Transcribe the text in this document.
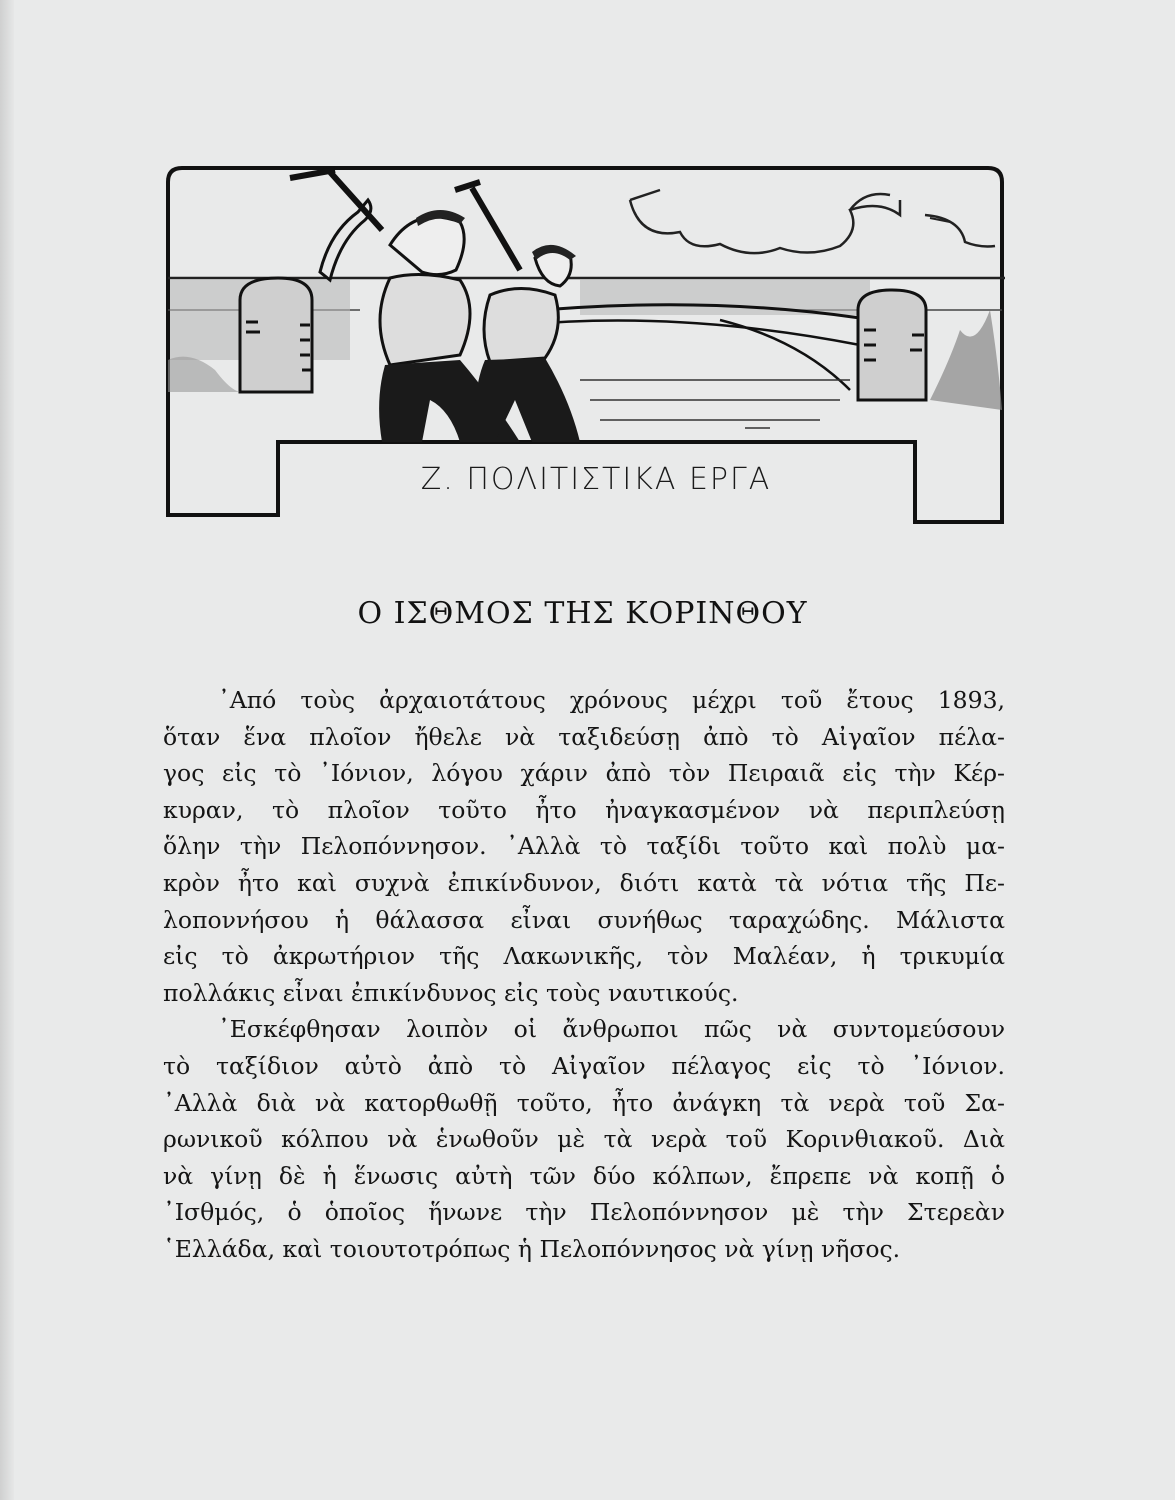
Ζ. ΠΟΛΙΤΙΣΤΙΚΑ ΕΡΓΑ
Ο ΙΣΘΜΟΣ ΤΗΣ ΚΟΡΙΝΘΟΥ
᾿Από τοὺς ἀρχαιοτάτους χρόνους μέχρι τοῦ ἔτους 1893,
ὅταν ἕνα πλοῖον ἤθελε νὰ ταξιδεύσῃ ἀπὸ τὸ Αἰγαῖον πέλα-
γος εἰς τὸ ᾿Ιόνιον, λόγου χάριν ἀπὸ τὸν Πειραιᾶ εἰς τὴν Κέρ-
κυραν, τὸ πλοῖον τοῦτο ἦτο ἠναγκασμένον νὰ περιπλεύσῃ
ὅλην τὴν Πελοπόννησον. ᾿Αλλὰ τὸ ταξίδι τοῦτο καὶ πολὺ μα-
κρὸν ἦτο καὶ συχνὰ ἐπικίνδυνον, διότι κατὰ τὰ νότια τῆς Πε-
λοποννήσου ἡ θάλασσα εἶναι συνήθως ταραχώδης. Μάλιστα
εἰς τὸ ἀκρωτήριον τῆς Λακωνικῆς, τὸν Μαλέαν, ἡ τρικυμία
πολλάκις εἶναι ἐπικίνδυνος εἰς τοὺς ναυτικούς.
᾿Εσκέφθησαν λοιπὸν οἱ ἄνθρωποι πῶς νὰ συντομεύσουν
τὸ ταξίδιον αὐτὸ ἀπὸ τὸ Αἰγαῖον πέλαγος εἰς τὸ ᾿Ιόνιον.
᾿Αλλὰ διὰ νὰ κατορθωθῇ τοῦτο, ἦτο ἀνάγκη τὰ νερὰ τοῦ Σα-
ρωνικοῦ κόλπου νὰ ἑνωθοῦν μὲ τὰ νερὰ τοῦ Κορινθιακοῦ. Διὰ
νὰ γίνῃ δὲ ἡ ἕνωσις αὐτὴ τῶν δύο κόλπων, ἔπρεπε νὰ κοπῇ ὁ
᾿Ισθμός, ὁ ὁποῖος ἥνωνε τὴν Πελοπόννησον μὲ τὴν Στερεὰν
῾Ελλάδα, καὶ τοιουτοτρόπως ἡ Πελοπόννησος νὰ γίνῃ νῆσος.
